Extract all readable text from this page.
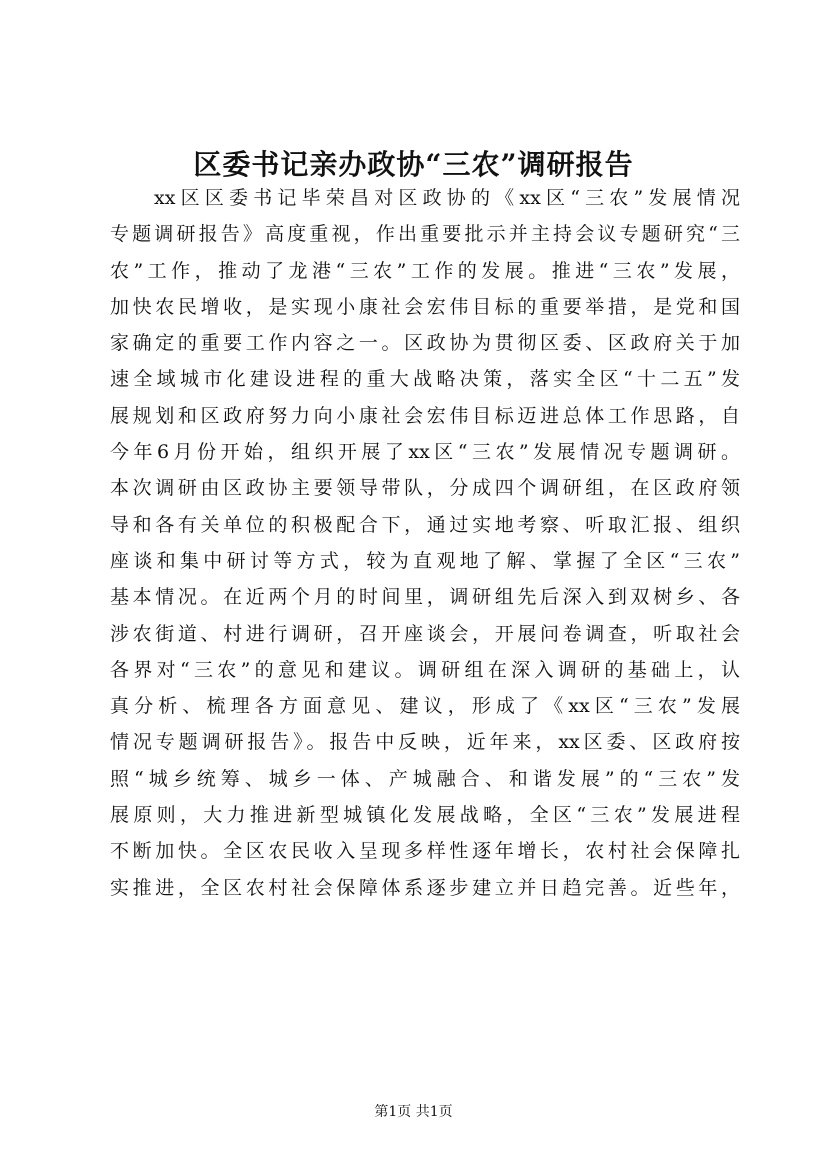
区委书记亲办政协“三农”调研报告
xx区区委书记毕荣昌对区政协的《xx区“三农”发展情况
专题调研报告》高度重视，作出重要批示并主持会议专题研究“三
农”工作，推动了龙港“三农”工作的发展。推进“三农”发展，
加快农民增收，是实现小康社会宏伟目标的重要举措，是党和国
家确定的重要工作内容之一。区政协为贯彻区委、区政府关于加
速全域城市化建设进程的重大战略决策，落实全区“十二五”发
展规划和区政府努力向小康社会宏伟目标迈进总体工作思路，自
今年6月份开始，组织开展了xx区“三农”发展情况专题调研。
本次调研由区政协主要领导带队，分成四个调研组，在区政府领
导和各有关单位的积极配合下，通过实地考察、听取汇报、组织
座谈和集中研讨等方式，较为直观地了解、掌握了全区“三农”
基本情况。在近两个月的时间里，调研组先后深入到双树乡、各
涉农街道、村进行调研，召开座谈会，开展问卷调查，听取社会
各界对“三农”的意见和建议。调研组在深入调研的基础上，认
真分析、梳理各方面意见、建议，形成了《xx区“三农”发展
情况专题调研报告》。报告中反映，近年来，xx区委、区政府按
照“城乡统筹、城乡一体、产城融合、和谐发展”的“三农”发
展原则，大力推进新型城镇化发展战略，全区“三农”发展进程
不断加快。全区农民收入呈现多样性逐年增长，农村社会保障扎
实推进，全区农村社会保障体系逐步建立并日趋完善。近些年，
第1页 共1页
